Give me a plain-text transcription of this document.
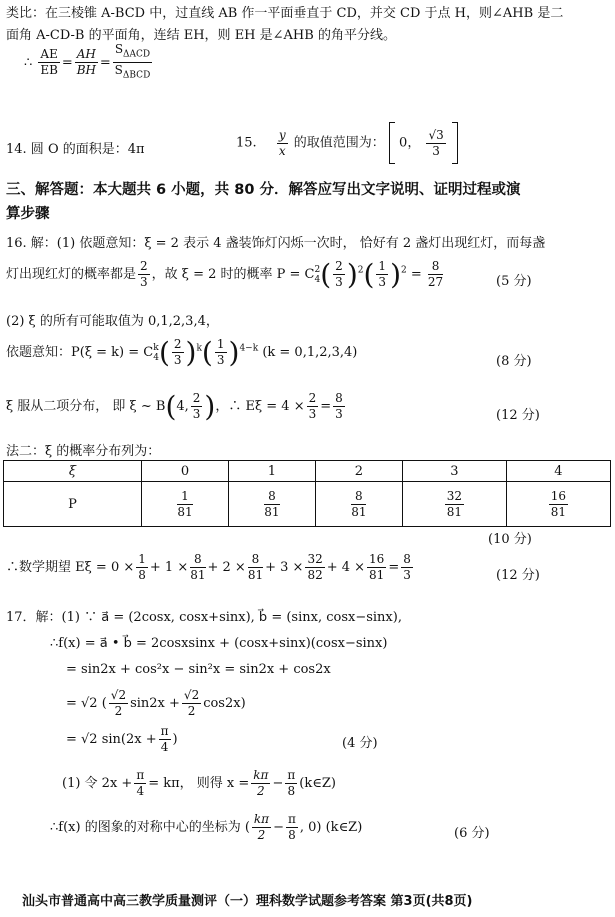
类比：在三棱锥 A-BCD 中，过直线 AB 作一平面垂直于 CD，并交 CD 于点 H，则∠AHB 是二
面角 A-CD-B 的平面角，连结 EH，则 EH 是∠AHB 的角平分线。
∴ $\frac{AE}{EB} = \frac{AH}{BH} = \frac{S_{\Delta ACD}}{S_{\Delta BCD}}$
14. 圆 O 的面积是：4π	15. $\frac{y}{x}$ 的取值范围为： 0， $\frac{√3}{3}$

三、解答题：本大题共 6 小题，共 80 分．解答应写出文字说明、证明过程或演
算步骤
16. 解：(1) 依题意知：ξ = 2 表示 4 盏装饰灯闪烁一次时， 恰好有 2 盏灯出现红灯，而每盏
灯出现红灯的概率都是 $\frac{2}{3}$ ，故 ξ = 2 时的概率 P = C 2
4 ( $\frac{2}{3} )^2( \frac{1}{3} )^2 = \frac{8}{27}$	(5 分)
(2) ξ 的所有可能取值为 0,1,2,3,4，
依题意知：P(ξ = k) = C k
4 ( $\frac{2}{3} )^k( \frac{1}{3} )^{4-k}$ (k = 0,1,2,3,4)
(8 分)
ξ 服从二项分布， 即 ξ ~ B(4, $\frac{2}{3}$ )，∴ $E\xi = 4 \times \frac{2}{3} = \frac{8}{3}$	(12 分)
法二：ξ 的概率分布列为：
ξ	0	1	2	3	4
P	$\frac{1}{81}$	$\frac{8}{81}$	$\frac{8}{81}$	$\frac{32}{81}$	$\frac{16}{81}$
(10 分)
∴数学期望 $E\xi = 0 \times \frac{1}{8} + 1 \times \frac{8}{81} + 2 \times \frac{8}{81} + 3 \times \frac{32}{82} + 4 \times \frac{16}{81} = \frac{8}{3}$	(12 分)
17．解：(1) ∵ a⃗ = (2cosx, cosx+sinx), b⃗ = (sinx, cosx−sinx),
∴f(x) = a⃗ • b⃗ = 2cosxsinx + (cosx+sinx)(cosx−sinx)
= sin2x + cos²x − sin²x = sin2x + cos2x
= √2 ( $\frac{√2}{2} \sin 2x + \frac{√2}{2} \cos 2x$)
= √2 $\sin(2x + \frac{\pi}{4}$ )	(4 分)
(1) 令 $2x + \frac{\pi}{4} = k\pi$， 则得 $x = \frac{k\pi}{2} - \frac{\pi}{8}$ (k∈Z)
∴f(x) 的图象的对称中心的坐标为 ( $\frac{k\pi}{2} - \frac{\pi}{8}$ , 0) (k∈Z)	(6 分)
汕头市普通高中高三教学质量测评（一）理科数学试题参考答案 第3页(共8页)
